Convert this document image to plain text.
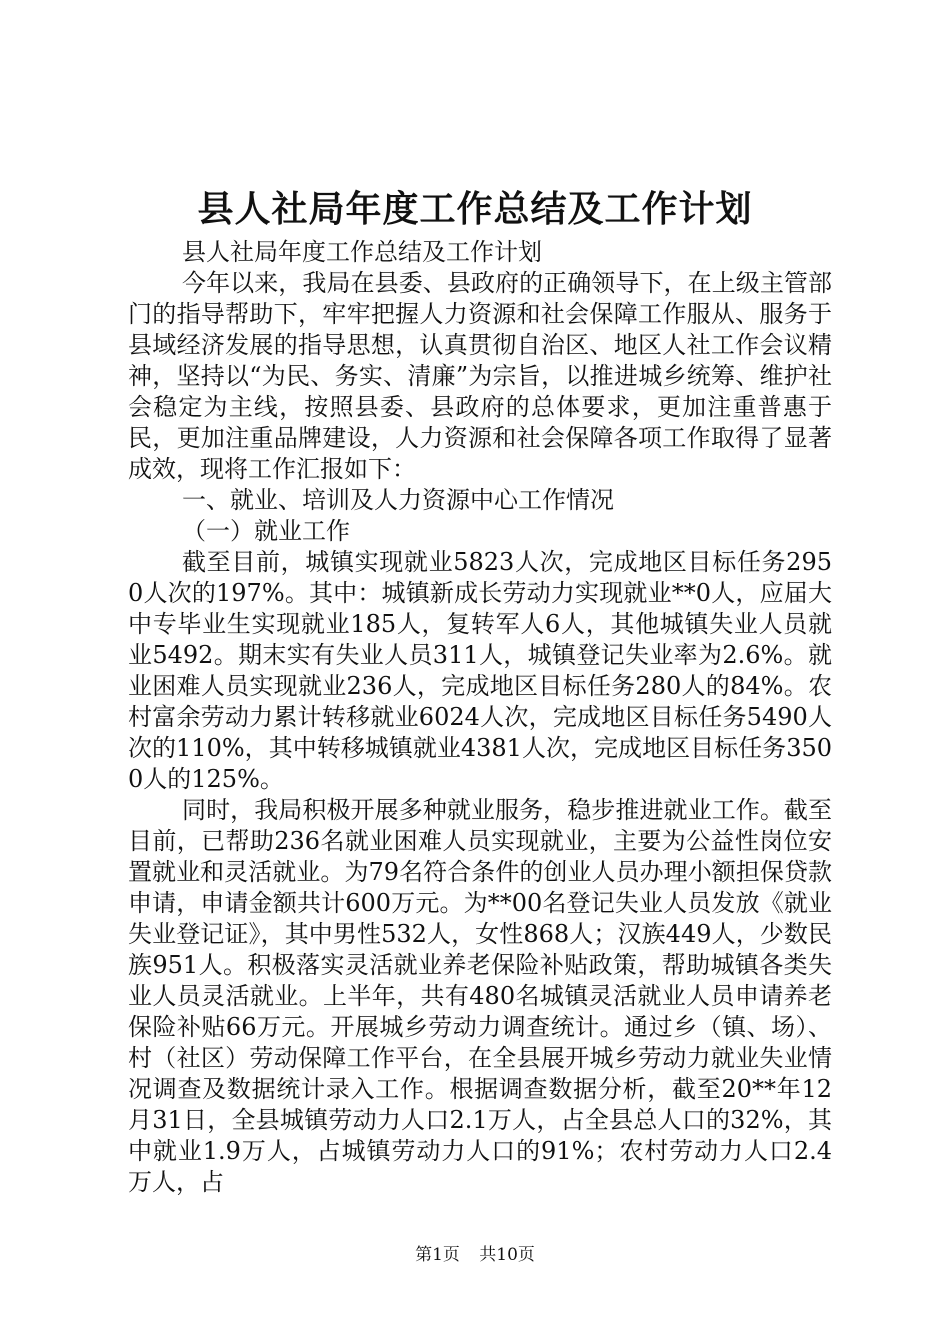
县人社局年度工作总结及工作计划

县人社局年度工作总结及工作计划

今年以来，我局在县委、县政府的正确领导下，在上级主管部门的指导帮助下，牢牢把握人力资源和社会保障工作服从、服务于县域经济发展的指导思想，认真贯彻自治区、地区人社工作会议精神，坚持以“为民、务实、清廉”为宗旨，以推进城乡统筹、维护社会稳定为主线，按照县委、县政府的总体要求，更加注重普惠于民，更加注重品牌建设，人力资源和社会保障各项工作取得了显著成效，现将工作汇报如下：

一、就业、培训及人力资源中心工作情况

（一）就业工作

截至目前，城镇实现就业5823人次，完成地区目标任务2950人次的197%。其中：城镇新成长劳动力实现就业**0人，应届大中专毕业生实现就业185人，复转军人6人，其他城镇失业人员就业5492。期末实有失业人员311人，城镇登记失业率为2.6%。就业困难人员实现就业236人，完成地区目标任务280人的84%。农村富余劳动力累计转移就业6024人次，完成地区目标任务5490人次的110%，其中转移城镇就业4381人次，完成地区目标任务3500人的125%。

同时，我局积极开展多种就业服务，稳步推进就业工作。截至目前，已帮助236名就业困难人员实现就业，主要为公益性岗位安置就业和灵活就业。为79名符合条件的创业人员办理小额担保贷款申请，申请金额共计600万元。为**00名登记失业人员发放《就业失业登记证》，其中男性532人，女性868人；汉族449人，少数民族951人。积极落实灵活就业养老保险补贴政策，帮助城镇各类失业人员灵活就业。上半年，共有480名城镇灵活就业人员申请养老保险补贴66万元。开展城乡劳动力调查统计。通过乡（镇、场）、村（社区）劳动保障工作平台，在全县展开城乡劳动力就业失业情况调查及数据统计录入工作。根据调查数据分析，截至20**年12月31日，全县城镇劳动力人口2.1万人，占全县总人口的32%，其中就业1.9万人，占城镇劳动力人口的91%；农村劳动力人口2.4万人，占

第1页   共10页
